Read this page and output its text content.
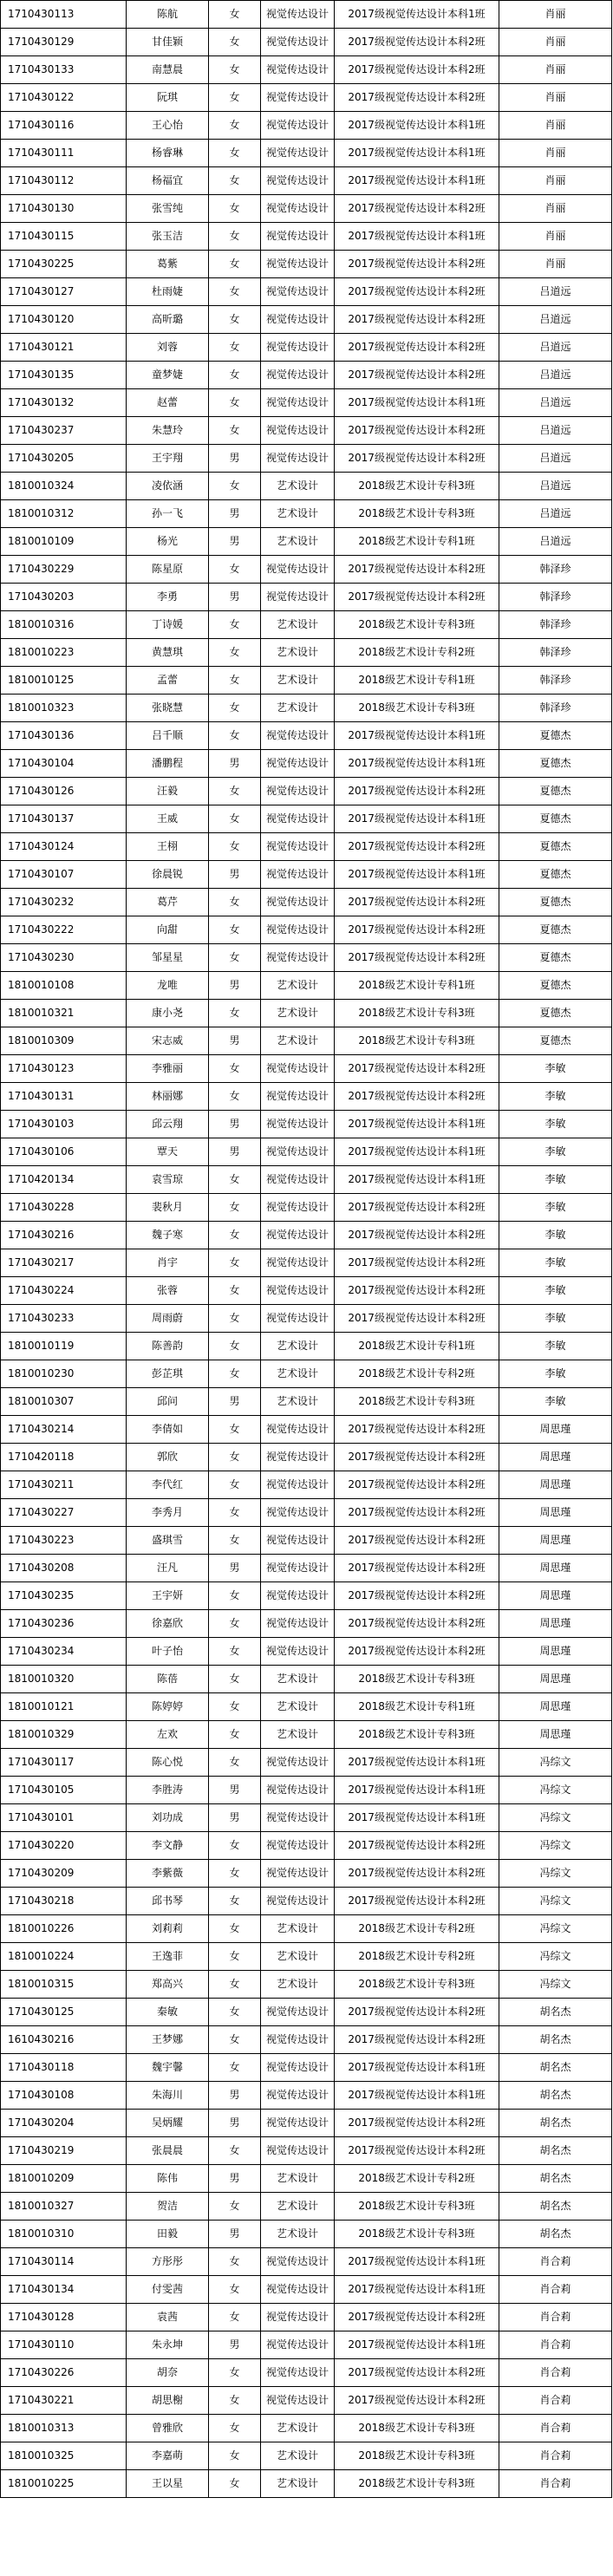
1710430113	陈航	女	视觉传达设计	2017级视觉传达设计本科1班	肖丽
1710430129	甘佳颖	女	视觉传达设计	2017级视觉传达设计本科2班	肖丽
1710430133	南慧晨	女	视觉传达设计	2017级视觉传达设计本科2班	肖丽
1710430122	阮琪	女	视觉传达设计	2017级视觉传达设计本科2班	肖丽
1710430116	王心怡	女	视觉传达设计	2017级视觉传达设计本科1班	肖丽
1710430111	杨睿琳	女	视觉传达设计	2017级视觉传达设计本科1班	肖丽
1710430112	杨福宜	女	视觉传达设计	2017级视觉传达设计本科1班	肖丽
1710430130	张雪纯	女	视觉传达设计	2017级视觉传达设计本科2班	肖丽
1710430115	张玉洁	女	视觉传达设计	2017级视觉传达设计本科1班	肖丽
1710430225	葛紫	女	视觉传达设计	2017级视觉传达设计本科2班	肖丽
1710430127	杜雨婕	女	视觉传达设计	2017级视觉传达设计本科2班	吕道远
1710430120	高昕璐	女	视觉传达设计	2017级视觉传达设计本科2班	吕道远
1710430121	刘蓉	女	视觉传达设计	2017级视觉传达设计本科2班	吕道远
1710430135	童梦婕	女	视觉传达设计	2017级视觉传达设计本科2班	吕道远
1710430132	赵蕾	女	视觉传达设计	2017级视觉传达设计本科1班	吕道远
1710430237	朱慧玲	女	视觉传达设计	2017级视觉传达设计本科2班	吕道远
1710430205	王宇翔	男	视觉传达设计	2017级视觉传达设计本科2班	吕道远
1810010324	凌依涵	女	艺术设计	2018级艺术设计专科3班	吕道远
1810010312	孙一飞	男	艺术设计	2018级艺术设计专科3班	吕道远
1810010109	杨光	男	艺术设计	2018级艺术设计专科1班	吕道远
1710430229	陈星原	女	视觉传达设计	2017级视觉传达设计本科2班	韩泽珍
1710430203	李勇	男	视觉传达设计	2017级视觉传达设计本科2班	韩泽珍
1810010316	丁诗媛	女	艺术设计	2018级艺术设计专科3班	韩泽珍
1810010223	黄慧琪	女	艺术设计	2018级艺术设计专科2班	韩泽珍
1810010125	孟蕾	女	艺术设计	2018级艺术设计专科1班	韩泽珍
1810010323	张晓慧	女	艺术设计	2018级艺术设计专科3班	韩泽珍
1710430136	吕千顺	女	视觉传达设计	2017级视觉传达设计本科1班	夏德杰
1710430104	潘鹏程	男	视觉传达设计	2017级视觉传达设计本科1班	夏德杰
1710430126	汪毅	女	视觉传达设计	2017级视觉传达设计本科2班	夏德杰
1710430137	王威	女	视觉传达设计	2017级视觉传达设计本科1班	夏德杰
1710430124	王栩	女	视觉传达设计	2017级视觉传达设计本科2班	夏德杰
1710430107	徐晨锐	男	视觉传达设计	2017级视觉传达设计本科1班	夏德杰
1710430232	葛芹	女	视觉传达设计	2017级视觉传达设计本科2班	夏德杰
1710430222	向甜	女	视觉传达设计	2017级视觉传达设计本科2班	夏德杰
1710430230	邹星星	女	视觉传达设计	2017级视觉传达设计本科2班	夏德杰
1810010108	龙唯	男	艺术设计	2018级艺术设计专科1班	夏德杰
1810010321	康小尧	女	艺术设计	2018级艺术设计专科3班	夏德杰
1810010309	宋志威	男	艺术设计	2018级艺术设计专科3班	夏德杰
1710430123	李雅丽	女	视觉传达设计	2017级视觉传达设计本科2班	李敏
1710430131	林丽娜	女	视觉传达设计	2017级视觉传达设计本科2班	李敏
1710430103	邱云翔	男	视觉传达设计	2017级视觉传达设计本科1班	李敏
1710430106	覃天	男	视觉传达设计	2017级视觉传达设计本科1班	李敏
1710420134	袁雪琼	女	视觉传达设计	2017级视觉传达设计本科1班	李敏
1710430228	裴秋月	女	视觉传达设计	2017级视觉传达设计本科2班	李敏
1710430216	魏子寒	女	视觉传达设计	2017级视觉传达设计本科2班	李敏
1710430217	肖宇	女	视觉传达设计	2017级视觉传达设计本科2班	李敏
1710430224	张蓉	女	视觉传达设计	2017级视觉传达设计本科2班	李敏
1710430233	周雨蔚	女	视觉传达设计	2017级视觉传达设计本科2班	李敏
1810010119	陈善韵	女	艺术设计	2018级艺术设计专科1班	李敏
1810010230	彭芷琪	女	艺术设计	2018级艺术设计专科2班	李敏
1810010307	邱问	男	艺术设计	2018级艺术设计专科3班	李敏
1710430214	李倩如	女	视觉传达设计	2017级视觉传达设计本科2班	周思瑾
1710420118	郭欣	女	视觉传达设计	2017级视觉传达设计本科2班	周思瑾
1710430211	李代红	女	视觉传达设计	2017级视觉传达设计本科2班	周思瑾
1710430227	李秀月	女	视觉传达设计	2017级视觉传达设计本科2班	周思瑾
1710430223	盛琪雪	女	视觉传达设计	2017级视觉传达设计本科2班	周思瑾
1710430208	汪凡	男	视觉传达设计	2017级视觉传达设计本科2班	周思瑾
1710430235	王宇妍	女	视觉传达设计	2017级视觉传达设计本科2班	周思瑾
1710430236	徐嘉欣	女	视觉传达设计	2017级视觉传达设计本科2班	周思瑾
1710430234	叶子怡	女	视觉传达设计	2017级视觉传达设计本科2班	周思瑾
1810010320	陈蓓	女	艺术设计	2018级艺术设计专科3班	周思瑾
1810010121	陈婷婷	女	艺术设计	2018级艺术设计专科1班	周思瑾
1810010329	左欢	女	艺术设计	2018级艺术设计专科3班	周思瑾
1710430117	陈心悦	女	视觉传达设计	2017级视觉传达设计本科1班	冯综文
1710430105	李胜涛	男	视觉传达设计	2017级视觉传达设计本科1班	冯综文
1710430101	刘功成	男	视觉传达设计	2017级视觉传达设计本科1班	冯综文
1710430220	李文静	女	视觉传达设计	2017级视觉传达设计本科2班	冯综文
1710430209	李紫薇	女	视觉传达设计	2017级视觉传达设计本科2班	冯综文
1710430218	邱书琴	女	视觉传达设计	2017级视觉传达设计本科2班	冯综文
1810010226	刘莉莉	女	艺术设计	2018级艺术设计专科2班	冯综文
1810010224	王逸菲	女	艺术设计	2018级艺术设计专科2班	冯综文
1810010315	郑高兴	女	艺术设计	2018级艺术设计专科3班	冯综文
1710430125	秦敏	女	视觉传达设计	2017级视觉传达设计本科2班	胡名杰
1610430216	王梦娜	女	视觉传达设计	2017级视觉传达设计本科2班	胡名杰
1710430118	魏宇馨	女	视觉传达设计	2017级视觉传达设计本科1班	胡名杰
1710430108	朱海川	男	视觉传达设计	2017级视觉传达设计本科1班	胡名杰
1710430204	吴炳耀	男	视觉传达设计	2017级视觉传达设计本科2班	胡名杰
1710430219	张晨晨	女	视觉传达设计	2017级视觉传达设计本科2班	胡名杰
1810010209	陈伟	男	艺术设计	2018级艺术设计专科2班	胡名杰
1810010327	贺洁	女	艺术设计	2018级艺术设计专科3班	胡名杰
1810010310	田毅	男	艺术设计	2018级艺术设计专科3班	胡名杰
1710430114	方彤彤	女	视觉传达设计	2017级视觉传达设计本科1班	肖合莉
1710430134	付雯茜	女	视觉传达设计	2017级视觉传达设计本科1班	肖合莉
1710430128	袁茜	女	视觉传达设计	2017级视觉传达设计本科2班	肖合莉
1710430110	朱永坤	男	视觉传达设计	2017级视觉传达设计本科1班	肖合莉
1710430226	胡奈	女	视觉传达设计	2017级视觉传达设计本科2班	肖合莉
1710430221	胡思榭	女	视觉传达设计	2017级视觉传达设计本科2班	肖合莉
1810010313	曾雅欣	女	艺术设计	2018级艺术设计专科3班	肖合莉
1810010325	李嘉萌	女	艺术设计	2018级艺术设计专科3班	肖合莉
1810010225	王以星	女	艺术设计	2018级艺术设计专科3班	肖合莉
